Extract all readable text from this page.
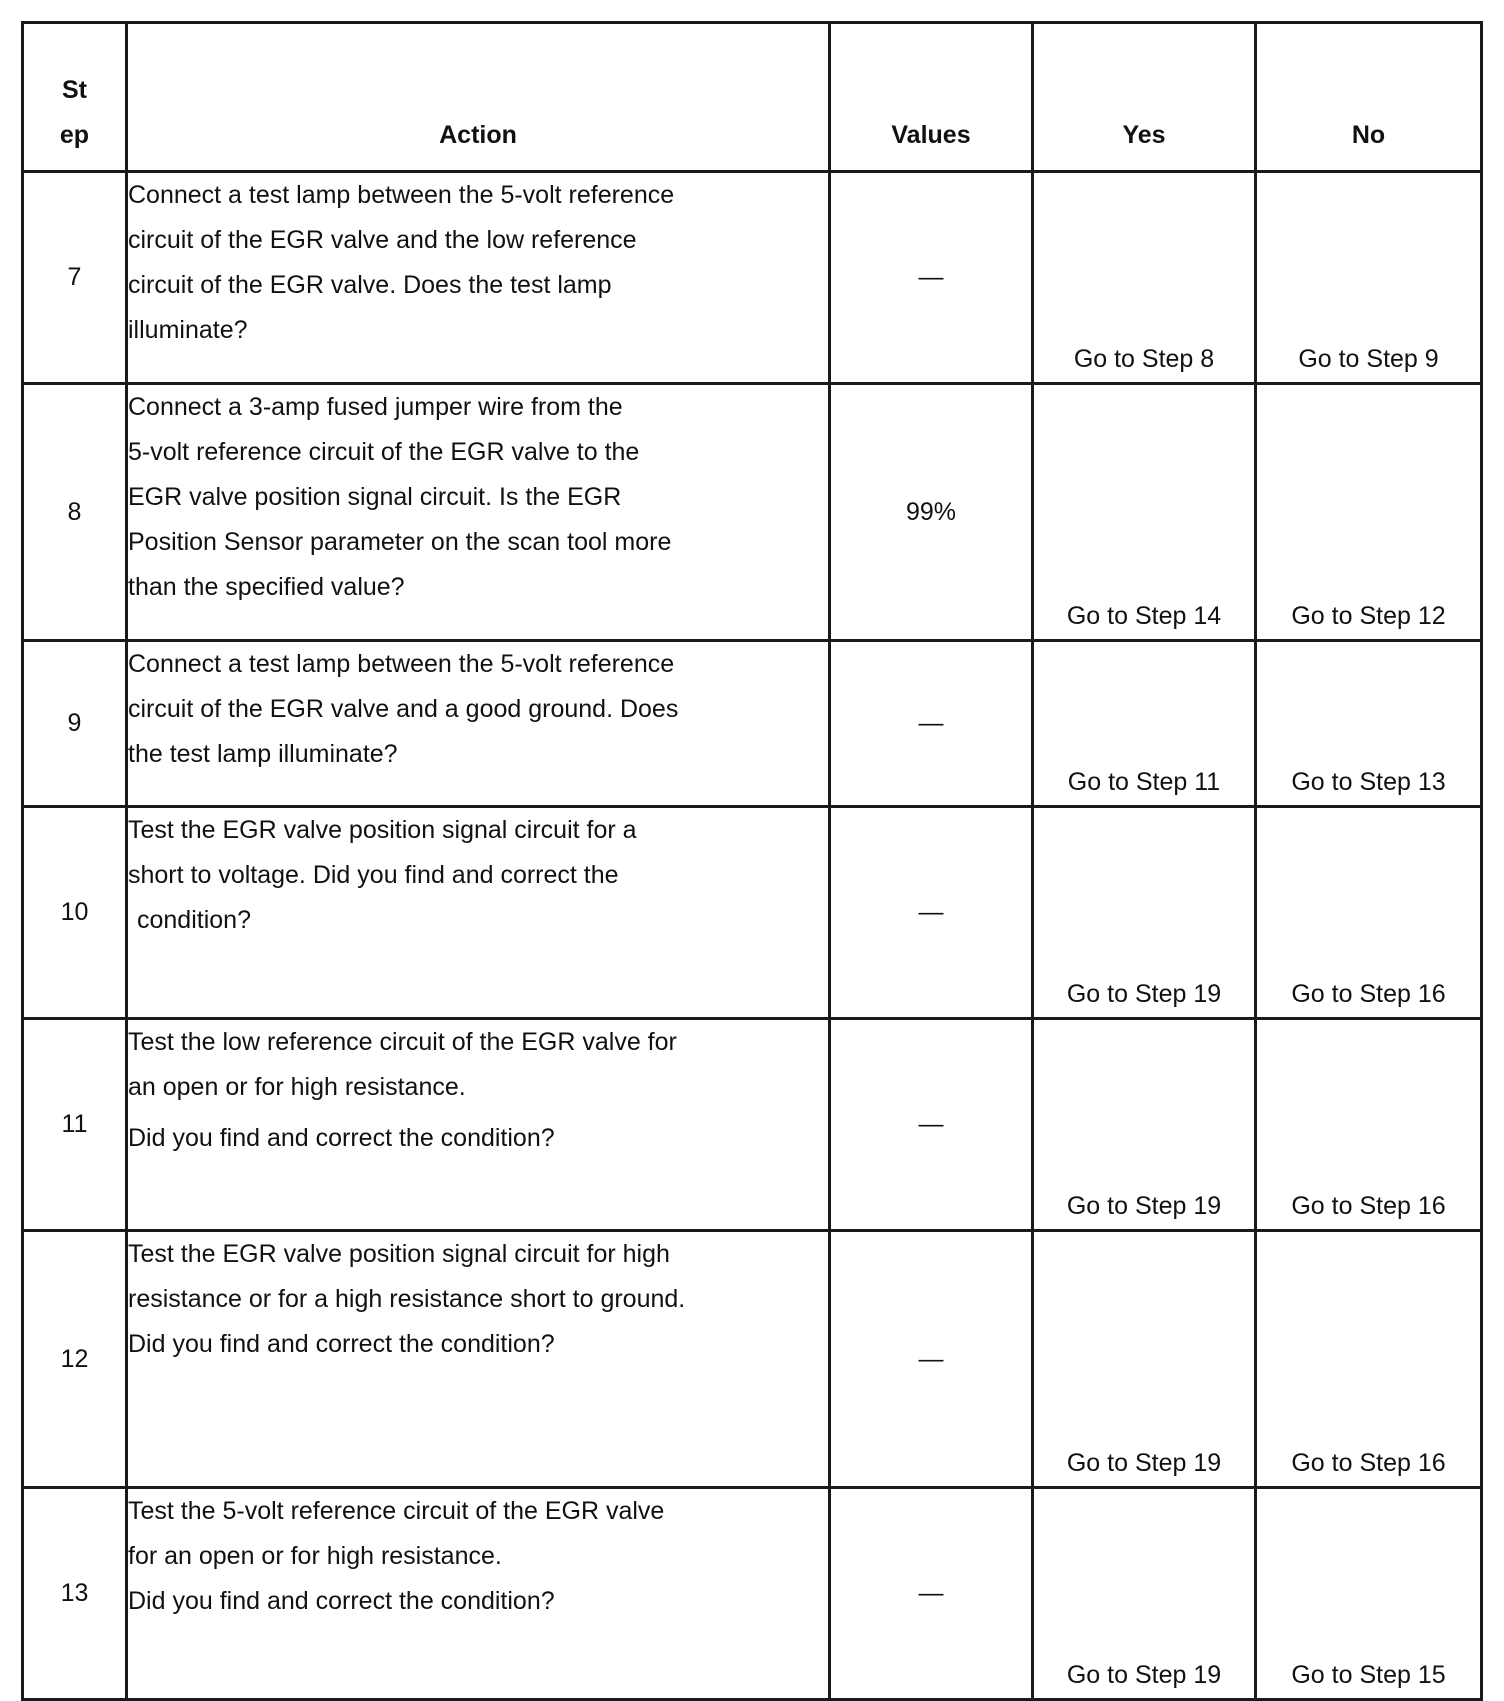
St
ep	Action	Values	Yes	No
7	Connect a test lamp between the 5-volt reference
circuit of the EGR valve and the low reference
circuit of the EGR valve. Does the test lamp
illuminate?	—	Go to Step 8	Go to Step 9
8	Connect a 3-amp fused jumper wire from the
5-volt reference circuit of the EGR valve to the
EGR valve position signal circuit. Is the EGR
Position Sensor parameter on the scan tool more
than the specified value?	99%	Go to Step 14	Go to Step 12
9	Connect a test lamp between the 5-volt reference
circuit of the EGR valve and a good ground. Does
the test lamp illuminate?	—	Go to Step 11	Go to Step 13
10	Test the EGR valve position signal circuit for a
short to voltage. Did you find and correct the
condition?	—	Go to Step 19	Go to Step 16
11	Test the low reference circuit of the EGR valve for
an open or for high resistance.
Did you find and correct the condition?	—	Go to Step 19	Go to Step 16
12	Test the EGR valve position signal circuit for high
resistance or for a high resistance short to ground.
Did you find and correct the condition?	—	Go to Step 19	Go to Step 16
13	Test the 5-volt reference circuit of the EGR valve
for an open or for high resistance.
Did you find and correct the condition?	—	Go to Step 19	Go to Step 15
